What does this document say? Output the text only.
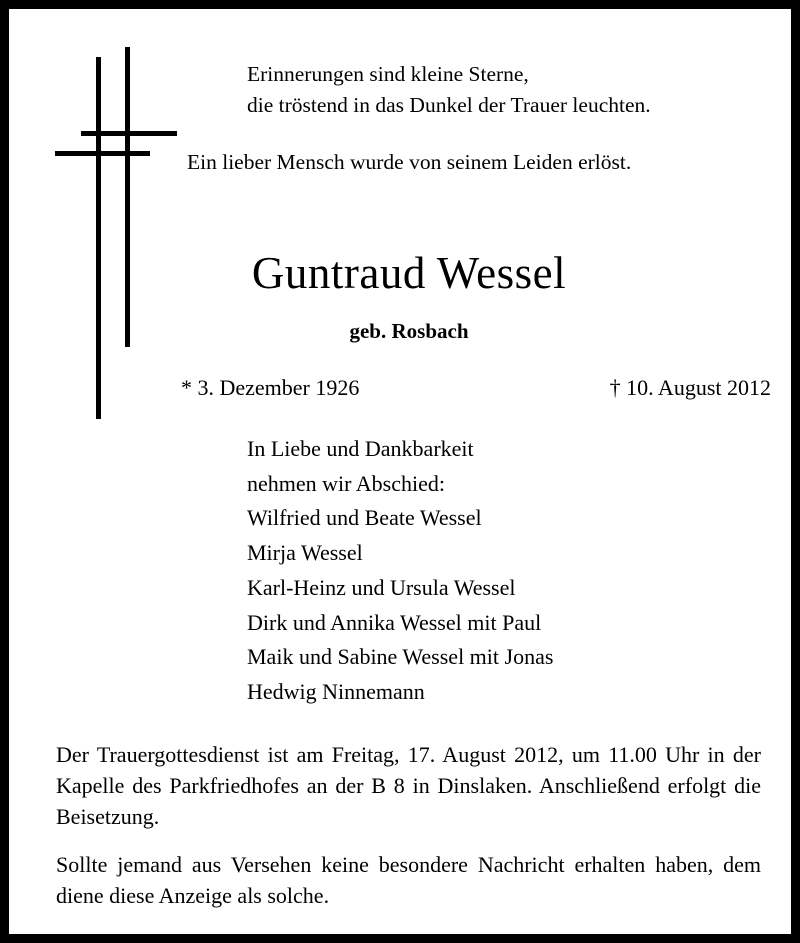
Erinnerungen sind kleine Sterne,
die tröstend in das Dunkel der Trauer leuchten.
Ein lieber Mensch wurde von seinem Leiden erlöst.
Guntraud Wessel
geb. Rosbach
* 3. Dezember 1926	† 10. August 2012
In Liebe und Dankbarkeit
nehmen wir Abschied:
Wilfried und Beate Wessel
Mirja Wessel
Karl-Heinz und Ursula Wessel
Dirk und Annika Wessel mit Paul
Maik und Sabine Wessel mit Jonas
Hedwig Ninnemann
Der Trauergottesdienst ist am Freitag, 17. August 2012, um 11.00 Uhr in der Kapelle des Parkfriedhofes an der B 8 in Dinslaken. Anschließend erfolgt die Beisetzung.
Sollte jemand aus Versehen keine besondere Nachricht erhalten haben, dem diene diese Anzeige als solche.
